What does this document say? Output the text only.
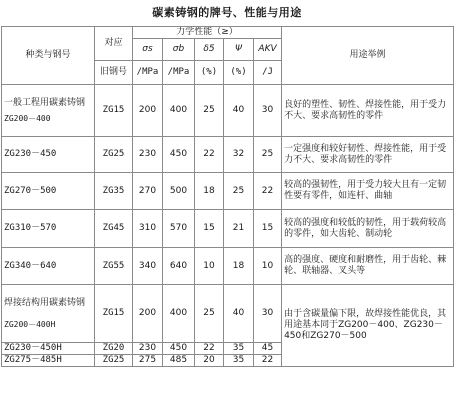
碳素铸钢的牌号、性能与用途
种类与钢号	对应	力学性能（≥）					用途举例
		σs	σb	δ5	Ψ	AKV	
	旧钢号	/MPa	/MPa	(%)	(%)	/J	

一般工程用碳素铸钢
ZG200－400	ZG15	200	400	25	40	30	良好的塑性、韧性、焊接性能，用于受力不大、要求高韧性的零件
ZG230－450	ZG25	230	450	22	32	25	一定强度和较好韧性、焊接性能，用于受力不大、要求高韧性的零件
ZG270－500	ZG35	270	500	18	25	22	较高的强韧性，用于受力较大且有一定韧性要有零件，如连杆、曲轴
ZG310－570	ZG45	310	570	15	21	15	较高的强度和较低的韧性，用于载荷较高的零件，如大齿轮、制动轮
ZG340－640	ZG55	340	640	10	18	10	高的强度、硬度和耐磨性，用于齿轮、棘轮、联轴器、叉头等

焊接结构用碳素铸钢
ZG200－400H	ZG15	200	400	25	40	30	由于含碳量偏下限，故焊接性能优良，其用途基本同于ZG200－400、ZG230－450和ZG270－500
ZG230－450H	ZG20	230	450	22	35	45	
ZG275－485H	ZG25	275	485	20	35	22	
